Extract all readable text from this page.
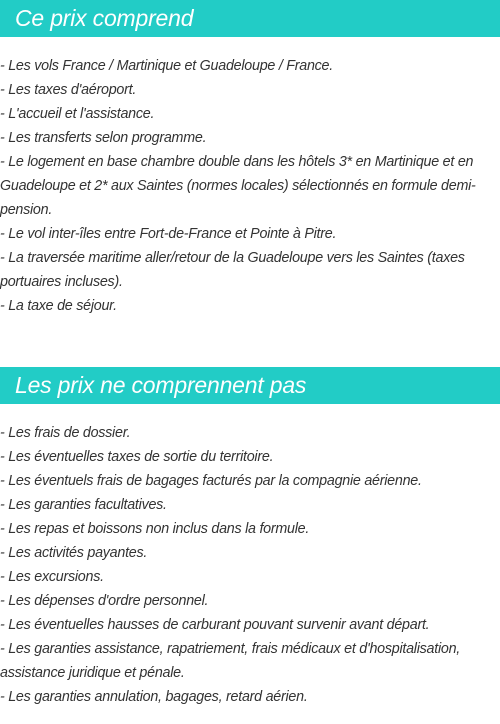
Ce prix comprend
- Les vols France / Martinique et Guadeloupe / France.
- Les taxes d'aéroport.
- L'accueil et l'assistance.
- Les transferts selon programme.
- Le logement en base chambre double dans les hôtels 3* en Martinique et en Guadeloupe et 2* aux Saintes (normes locales) sélectionnés en formule demi-pension.
- Le vol inter-îles entre Fort-de-France et Pointe à Pitre.
- La traversée maritime aller/retour de la Guadeloupe vers les Saintes (taxes portuaires incluses).
- La taxe de séjour.
Les prix ne comprennent pas
- Les frais de dossier.
- Les éventuelles taxes de sortie du territoire.
- Les éventuels frais de bagages facturés par la compagnie aérienne.
- Les garanties facultatives.
- Les repas et boissons non inclus dans la formule.
- Les activités payantes.
- Les excursions.
- Les dépenses d'ordre personnel.
- Les éventuelles hausses de carburant pouvant survenir avant départ.
- Les garanties assistance, rapatriement, frais médicaux et d'hospitalisation, assistance juridique et pénale.
- Les garanties annulation, bagages, retard aérien.
